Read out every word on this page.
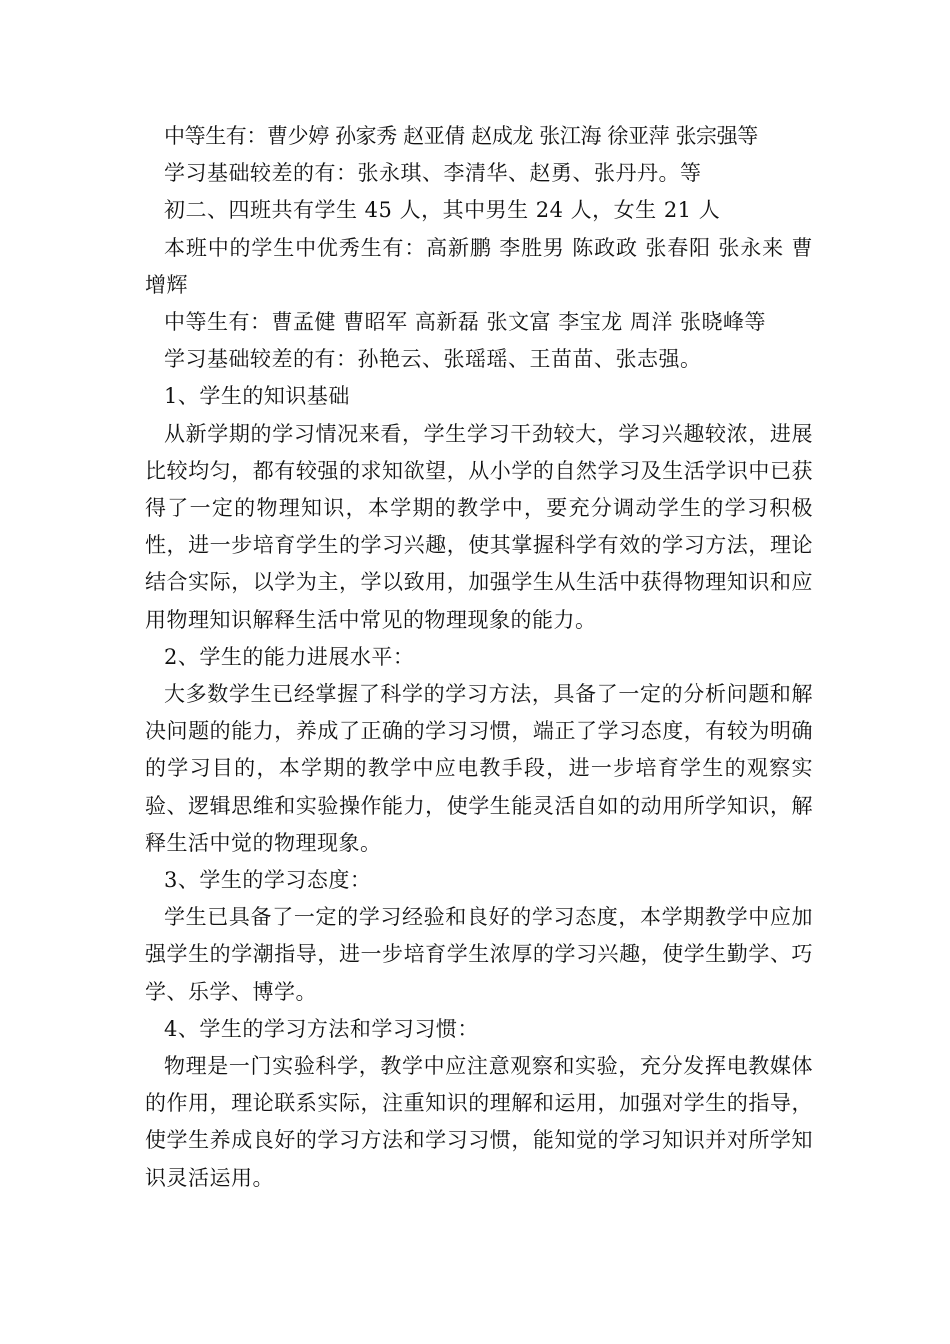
中等生有：曹少婷 孙家秀 赵亚倩 赵成龙 张江海 徐亚萍 张宗强等

学习基础较差的有：张永琪、李清华、赵勇、张丹丹。等

初二、四班共有学生 45 人，其中男生 24 人，女生 21 人

本班中的学生中优秀生有：高新鹏 李胜男 陈政政 张春阳 张永来 曹增辉

中等生有：曹孟健 曹昭军 高新磊 张文富 李宝龙 周洋 张晓峰等

学习基础较差的有：孙艳云、张瑶瑶、王苗苗、张志强。

1、学生的知识基础

从新学期的学习情况来看，学生学习干劲较大，学习兴趣较浓，进展比较均匀，都有较强的求知欲望，从小学的自然学习及生活学识中已获得了一定的物理知识，本学期的教学中，要充分调动学生的学习积极性，进一步培育学生的学习兴趣，使其掌握科学有效的学习方法，理论结合实际，以学为主，学以致用，加强学生从生活中获得物理知识和应用物理知识解释生活中常见的物理现象的能力。

2、学生的能力进展水平：

大多数学生已经掌握了科学的学习方法，具备了一定的分析问题和解决问题的能力，养成了正确的学习习惯，端正了学习态度，有较为明确的学习目的，本学期的教学中应电教手段，进一步培育学生的观察实验、逻辑思维和实验操作能力，使学生能灵活自如的动用所学知识，解释生活中觉的物理现象。

3、学生的学习态度：

学生已具备了一定的学习经验和良好的学习态度，本学期教学中应加强学生的学潮指导，进一步培育学生浓厚的学习兴趣，使学生勤学、巧学、乐学、博学。

4、学生的学习方法和学习习惯：

物理是一门实验科学，教学中应注意观察和实验，充分发挥电教媒体的作用，理论联系实际，注重知识的理解和运用，加强对学生的指导，使学生养成良好的学习方法和学习习惯，能知觉的学习知识并对所学知识灵活运用。
